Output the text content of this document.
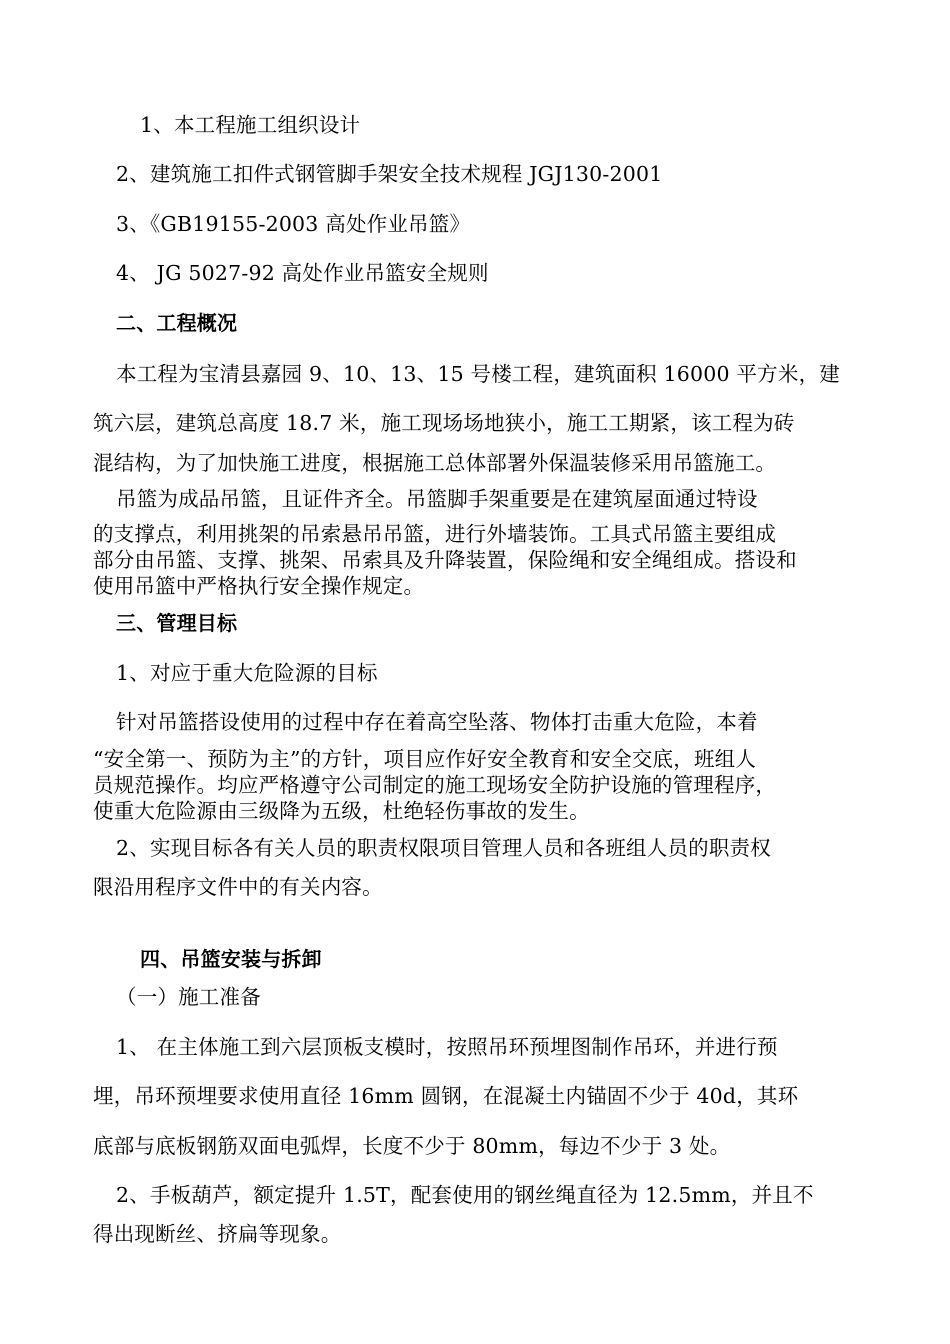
1、本工程施工组织设计
2、建筑施工扣件式钢管脚手架安全技术规程 JGJ130-2001
3、《GB19155-2003 高处作业吊篮》
4、 JG 5027-92 高处作业吊篮安全规则
二、工程概况
本工程为宝清县嘉园 9、10、13、15 号楼工程，建筑面积 16000 平方米，建
筑六层，建筑总高度 18.7 米，施工现场场地狭小，施工工期紧，该工程为砖
混结构，为了加快施工进度，根据施工总体部署外保温装修采用吊篮施工。
吊篮为成品吊篮，且证件齐全。吊篮脚手架重要是在建筑屋面通过特设
的支撑点，利用挑架的吊索悬吊吊篮，进行外墙装饰。工具式吊篮主要组成
部分由吊篮、支撑、挑架、吊索具及升降装置，保险绳和安全绳组成。搭设和
使用吊篮中严格执行安全操作规定。
三、管理目标
1、对应于重大危险源的目标
针对吊篮搭设使用的过程中存在着高空坠落、物体打击重大危险，本着
“安全第一、预防为主”的方针，项目应作好安全教育和安全交底，班组人
员规范操作。均应严格遵守公司制定的施工现场安全防护设施的管理程序，
使重大危险源由三级降为五级，杜绝轻伤事故的发生。
2、实现目标各有关人员的职责权限项目管理人员和各班组人员的职责权
限沿用程序文件中的有关内容。
四、吊篮安装与拆卸
（一）施工准备
1、 在主体施工到六层顶板支模时，按照吊环预埋图制作吊环，并进行预
埋，吊环预埋要求使用直径 16mm 圆钢，在混凝土内锚固不少于 40d，其环
底部与底板钢筋双面电弧焊，长度不少于 80mm，每边不少于 3 处。
2、手板葫芦，额定提升 1.5T，配套使用的钢丝绳直径为 12.5mm，并且不
得出现断丝、挤扁等现象。
